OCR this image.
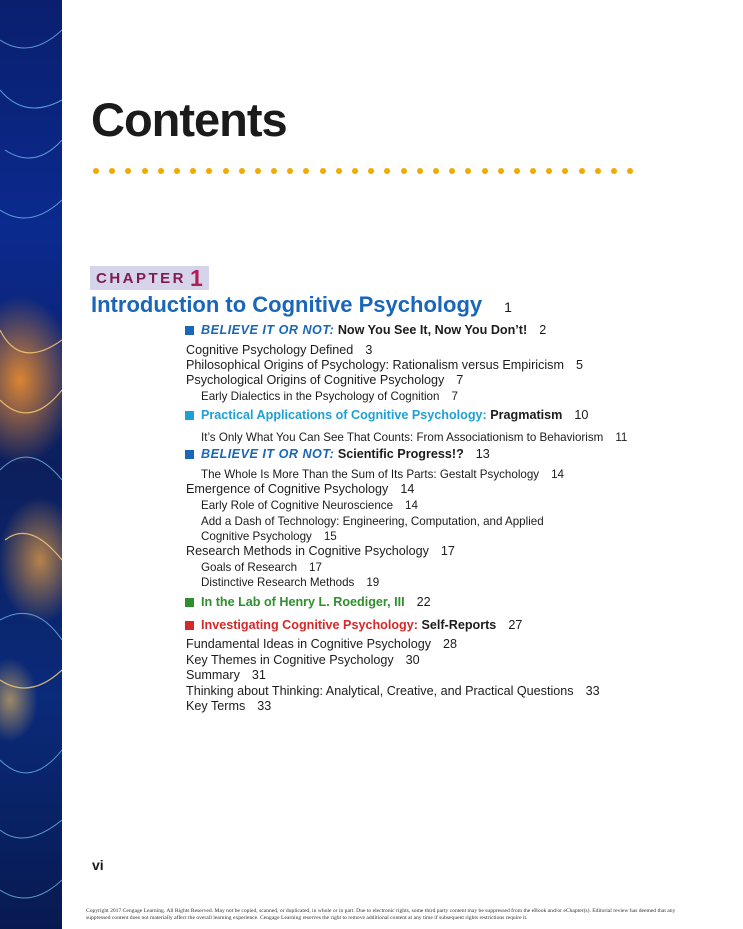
Contents
CHAPTER 1
Introduction to Cognitive Psychology 1
BELIEVE IT OR NOT: Now You See It, Now You Don’t! 2
Cognitive Psychology Defined 3
Philosophical Origins of Psychology: Rationalism versus Empiricism 5
Psychological Origins of Cognitive Psychology 7
Early Dialectics in the Psychology of Cognition 7
Practical Applications of Cognitive Psychology: Pragmatism 10
It’s Only What You Can See That Counts: From Associationism to Behaviorism 11
BELIEVE IT OR NOT: Scientific Progress!? 13
The Whole Is More Than the Sum of Its Parts: Gestalt Psychology 14
Emergence of Cognitive Psychology 14
Early Role of Cognitive Neuroscience 14
Add a Dash of Technology: Engineering, Computation, and Applied
Cognitive Psychology 15
Research Methods in Cognitive Psychology 17
Goals of Research 17
Distinctive Research Methods 19
In the Lab of Henry L. Roediger, III 22
Investigating Cognitive Psychology: Self-Reports 27
Fundamental Ideas in Cognitive Psychology 28
Key Themes in Cognitive Psychology 30
Summary 31
Thinking about Thinking: Analytical, Creative, and Practical Questions 33
Key Terms 33
vi
Copyright 2017 Cengage Learning. All Rights Reserved. May not be copied, scanned, or duplicated, in whole or in part. Due to electronic rights, some third party content may be suppressed from the eBook and/or eChapter(s). Editorial review has deemed that any suppressed content does not materially affect the overall learning experience. Cengage Learning reserves the right to remove additional content at any time if subsequent rights restrictions require it.
